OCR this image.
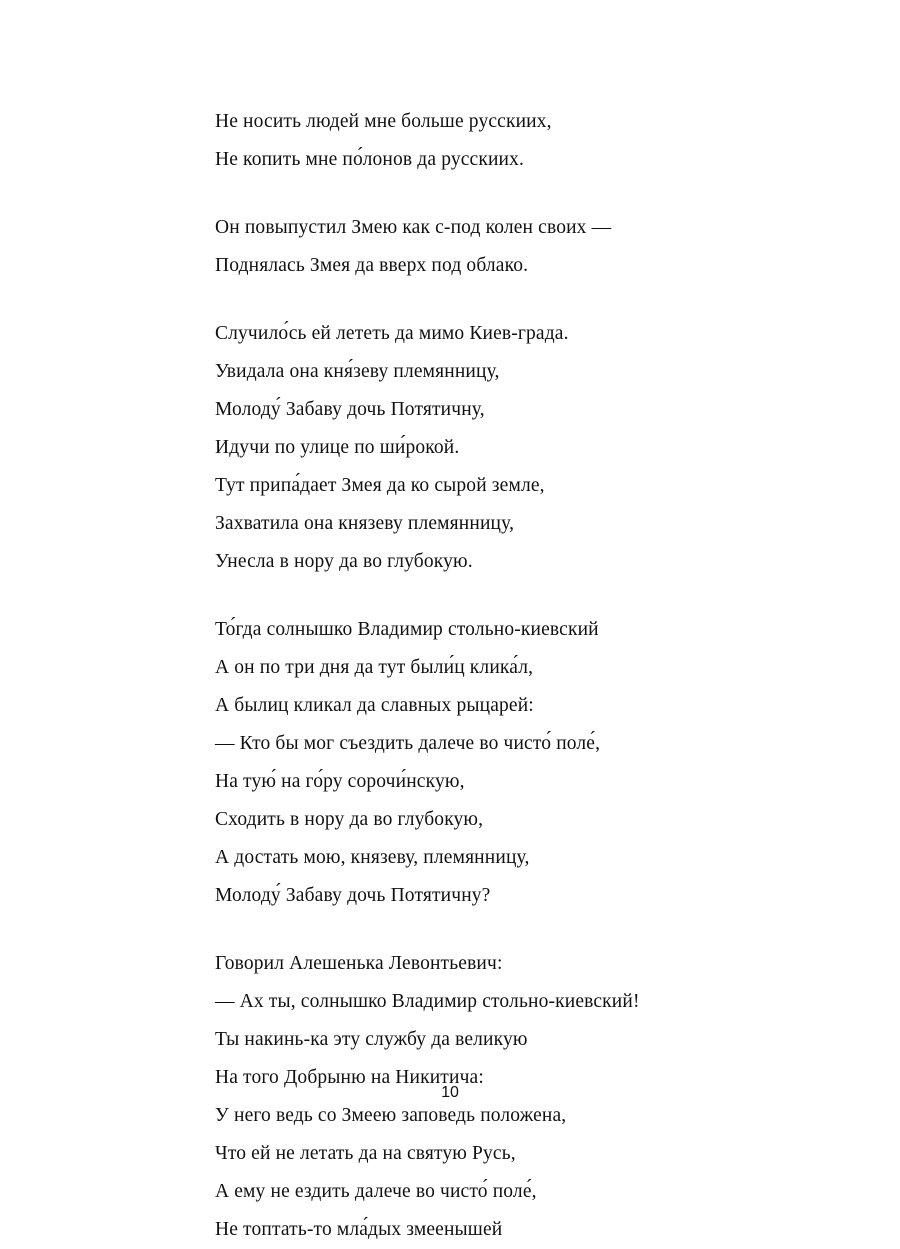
Не носить людей мне больше русскиих,
Не копить мне по́лонов да русскиих.
Он повыпустил Змею как с-под колен своих —
Поднялась Змея да вверх под облако.
Случило́сь ей лететь да мимо Киев-града.
Увидала она кня́зеву племянницу,
Молоду́ Забаву дочь Потятичну,
Идучи по улице по ши́рокой.
Тут припа́дает Змея да ко сырой земле,
Захватила она князеву племянницу,
Унесла в нору да во глубокую.
То́гда солнышко Владимир стольно-киевский
А он по три дня да тут были́ц клика́л,
А былиц кликал да славных рыцарей:
— Кто бы мог съездить далече во чисто́ поле́,
На тую́ на го́ру сорочи́нскую,
Сходить в нору да во глубокую,
А достать мою, князеву, племянницу,
Молоду́ Забаву дочь Потятичну?
Говорил Алешенька Левонтьевич:
— Ах ты, солнышко Владимир стольно-киевский!
Ты накинь-ка эту службу да великую
На того Добрыню на Никитича:
У него ведь со Змеею заповедь положена,
Что ей не летать да на святую Русь,
А ему не ездить далече во чисто́ поле́,
Не топтать-то мла́дых змеенышей
10
